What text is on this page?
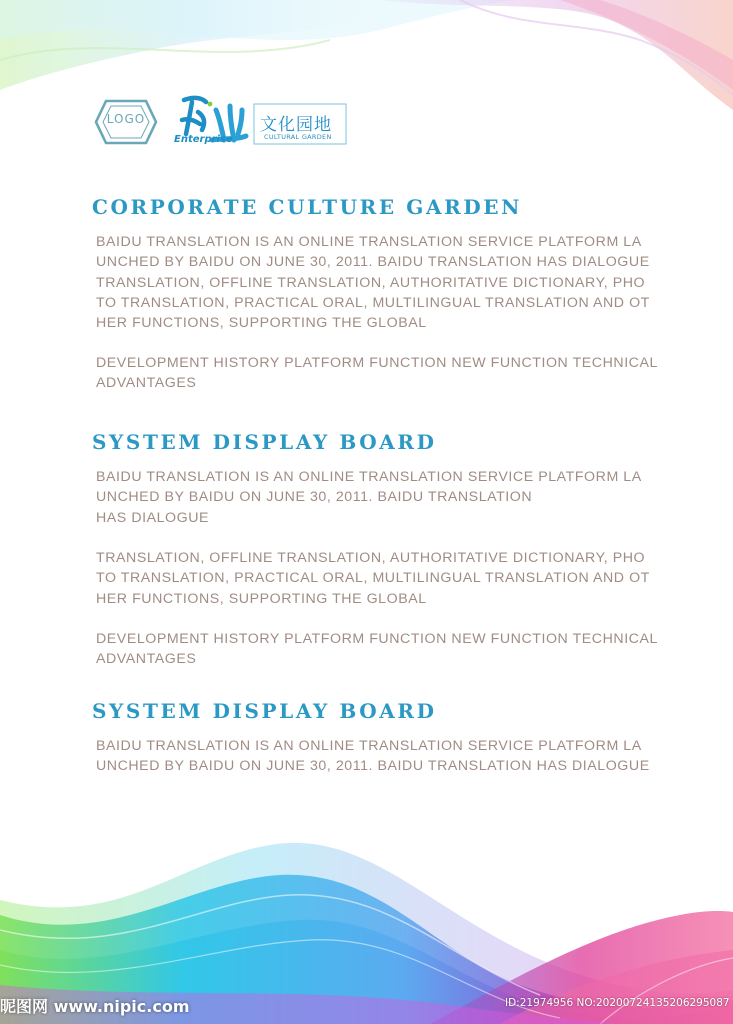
LOGO	文化园地
CULTURAL GARDEN
Enterprise
CORPORATE CULTURE GARDEN

BAIDU TRANSLATION IS AN ONLINE TRANSLATION SERVICE PLATFORM LA
UNCHED BY BAIDU ON JUNE 30, 2011. BAIDU TRANSLATION HAS DIALOGUE
TRANSLATION, OFFLINE TRANSLATION, AUTHORITATIVE DICTIONARY, PHO
TO TRANSLATION, PRACTICAL ORAL, MULTILINGUAL TRANSLATION AND OT
HER FUNCTIONS, SUPPORTING THE GLOBAL

DEVELOPMENT HISTORY PLATFORM FUNCTION NEW FUNCTION TECHNICAL
ADVANTAGES

SYSTEM DISPLAY BOARD

BAIDU TRANSLATION IS AN ONLINE TRANSLATION SERVICE PLATFORM LA
UNCHED BY BAIDU ON JUNE 30, 2011. BAIDU TRANSLATION
HAS DIALOGUE

TRANSLATION, OFFLINE TRANSLATION, AUTHORITATIVE DICTIONARY, PHO
TO TRANSLATION, PRACTICAL ORAL, MULTILINGUAL TRANSLATION AND OT
HER FUNCTIONS, SUPPORTING THE GLOBAL

DEVELOPMENT HISTORY PLATFORM FUNCTION NEW FUNCTION TECHNICAL
ADVANTAGES

SYSTEM DISPLAY BOARD

BAIDU TRANSLATION IS AN ONLINE TRANSLATION SERVICE PLATFORM LA
UNCHED BY BAIDU ON JUNE 30, 2011. BAIDU TRANSLATION HAS DIALOGUE

昵图网 www.nipic.com	ID:21974956 NO:20200724135206295087
